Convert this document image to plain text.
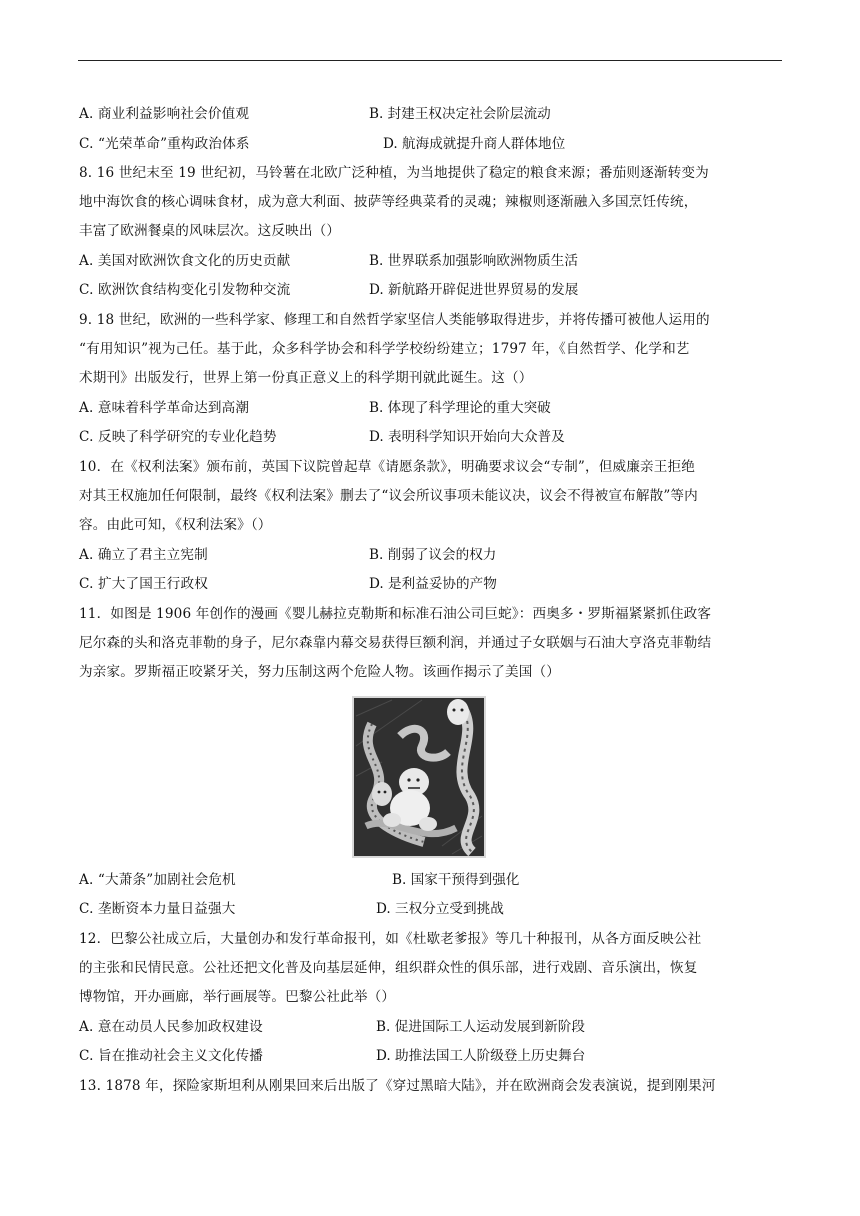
A. 商业利益影响社会价值观	B. 封建王权决定社会阶层流动
C. “光荣革命”重构政治体系	D. 航海成就提升商人群体地位
8. 16 世纪末至 19 世纪初，马铃薯在北欧广泛种植，为当地提供了稳定的粮食来源；番茄则逐渐转变为
地中海饮食的核心调味食材，成为意大利面、披萨等经典菜肴的灵魂；辣椒则逐渐融入多国烹饪传统，
丰富了欧洲餐桌的风味层次。这反映出（）
A. 美国对欧洲饮食文化的历史贡献	B. 世界联系加强影响欧洲物质生活
C. 欧洲饮食结构变化引发物种交流	D. 新航路开辟促进世界贸易的发展
9. 18 世纪，欧洲的一些科学家、修理工和自然哲学家坚信人类能够取得进步，并将传播可被他人运用的
“有用知识”视为己任。基于此，众多科学协会和科学学校纷纷建立；1797 年，《自然哲学、化学和艺
术期刊》出版发行，世界上第一份真正意义上的科学期刊就此诞生。这（）
A. 意味着科学革命达到高潮	B. 体现了科学理论的重大突破
C. 反映了科学研究的专业化趋势	D. 表明科学知识开始向大众普及
10．在《权利法案》颁布前，英国下议院曾起草《请愿条款》，明确要求议会“专制”，但威廉亲王拒绝
对其王权施加任何限制，最终《权利法案》删去了“议会所议事项未能议决，议会不得被宣布解散”等内
容。由此可知，《权利法案》（）
A. 确立了君主立宪制	B. 削弱了议会的权力
C. 扩大了国王行政权	D. 是利益妥协的产物
11．如图是 1906 年创作的漫画《婴儿赫拉克勒斯和标准石油公司巨蛇》：西奥多・罗斯福紧紧抓住政客
尼尔森的头和洛克菲勒的身子，尼尔森靠内幕交易获得巨额利润，并通过子女联姻与石油大亨洛克菲勒结
为亲家。罗斯福正咬紧牙关，努力压制这两个危险人物。该画作揭示了美国（）
A. “大萧条”加剧社会危机	B. 国家干预得到强化
C. 垄断资本力量日益强大	D. 三权分立受到挑战
12．巴黎公社成立后，大量创办和发行革命报刊，如《杜歇老爹报》等几十种报刊，从各方面反映公社
的主张和民情民意。公社还把文化普及向基层延伸，组织群众性的俱乐部，进行戏剧、音乐演出，恢复
博物馆，开办画廊，举行画展等。巴黎公社此举（）
A. 意在动员人民参加政权建设	B. 促进国际工人运动发展到新阶段
C. 旨在推动社会主义文化传播	D. 助推法国工人阶级登上历史舞台
13. 1878 年，探险家斯坦利从刚果回来后出版了《穿过黑暗大陆》，并在欧洲商会发表演说，提到刚果河
